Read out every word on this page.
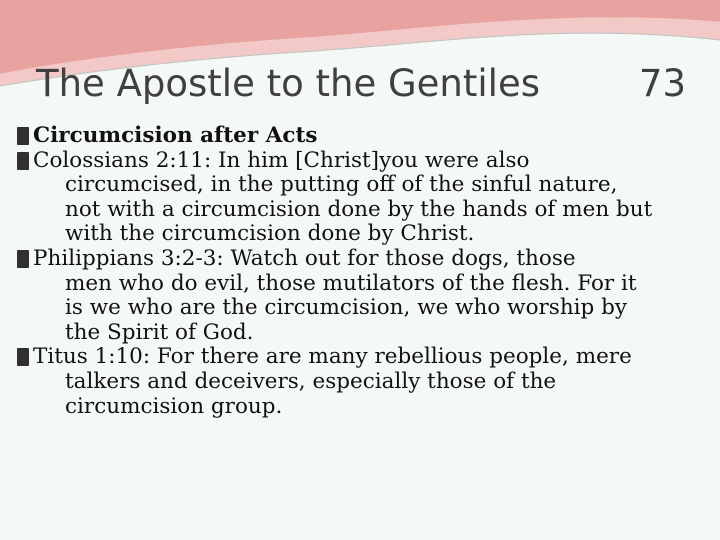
The Apostle to the Gentiles	73
Circumcision after Acts
Colossians 2:11: In him [Christ]you were also
circumcised, in the putting off of the sinful nature,
not with a circumcision done by the hands of men but
with the circumcision done by Christ.
Philippians 3:2-3: Watch out for those dogs, those
men who do evil, those mutilators of the flesh. For it
is we who are the circumcision, we who worship by
the Spirit of God.
Titus 1:10: For there are many rebellious people, mere
talkers and deceivers, especially those of the
circumcision group.
